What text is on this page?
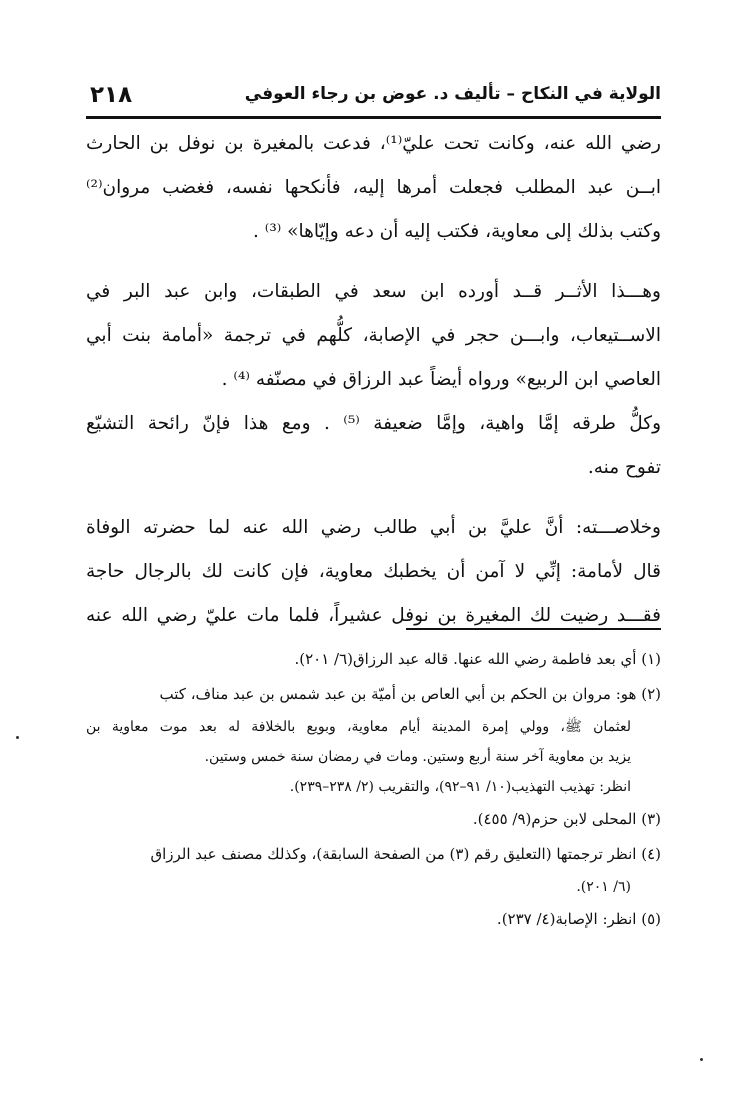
الولاية في النكاح – تأليف د. عوض بن رجاء العوفي
٢١٨
رضي الله عنه، وكانت تحت عليّ⁽¹⁾، فدعت بالمغيرة بن نوفل بن الحارث
ابــن عبد المطلب فجعلت أمرها إليه، فأنكحها نفسه، فغضب مروان⁽²⁾
وكتب بذلك إلى معاوية، فكتب إليه أن دعه وإيّاها» ⁽³⁾ .
وهـــذا الأثــر قــد أورده ابن سعد في الطبقات، وابن عبد البر في
الاســتيعاب، وابـــن حجر في الإصابة، كلُّهم في ترجمة «أمامة بنت أبي
العاصي ابن الربيع» ورواه أيضاً عبد الرزاق في مصنّفه ⁽⁴⁾ .
وكلُّ طرقه إمَّا واهية، وإمَّا ضعيفة ⁽⁵⁾ . ومع هذا فإنّ رائحة التشيّع
تفوح منه.
وخلاصـــته: أنَّ عليَّ بن أبي طالب رضي الله عنه لما حضرته الوفاة
قال لأمامة: إنِّي لا آمن أن يخطبك معاوية، فإن كانت لك بالرجال حاجة
فقـــد رضيت لك المغيرة بن نوفل عشيراً، فلما مات عليّ رضي الله عنه
(١) أي بعد فاطمة رضي الله عنها. قاله عبد الرزاق(٦/ ٢٠١).
(٢) هو: مروان بن الحكم بن أبي العاص بن أميّة بن عبد شمس بن عبد مناف، كتب
لعثمان ﷺ، وولي إمرة المدينة أيام معاوية، وبويع بالخلافة له بعد موت معاوية بن
يزيد بن معاوية آخر سنة أربع وستين. ومات في رمضان سنة خمس وستين.
انظر: تهذيب التهذيب(١٠/ ٩١–٩٢)، والتقريب (٢/ ٢٣٨–٢٣٩).
(٣) المحلى لابن حزم(٩/ ٤٥٥).
(٤) انظر ترجمتها (التعليق رقم (٣) من الصفحة السابقة)، وكذلك مصنف عبد الرزاق
(٦/ ٢٠١).
(٥) انظر: الإصابة(٤/ ٢٣٧).
